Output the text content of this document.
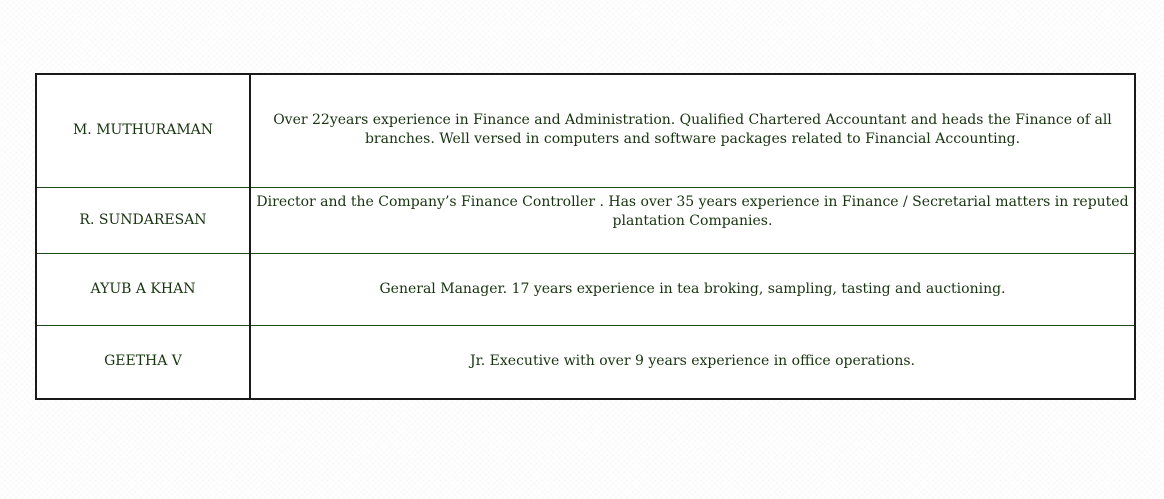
M. MUTHURAMAN	Over 22years experience in Finance and Administration. Qualified Chartered Accountant and heads the Finance of all branches. Well versed in computers and software packages related to Financial Accounting.
R. SUNDARESAN	Director and the Company’s Finance Controller . Has over 35 years experience in Finance / Secretarial matters in reputed plantation Companies.
AYUB A KHAN	General Manager. 17 years experience in tea broking, sampling, tasting and auctioning.
GEETHA V	Jr. Executive with over 9 years experience in office operations.
